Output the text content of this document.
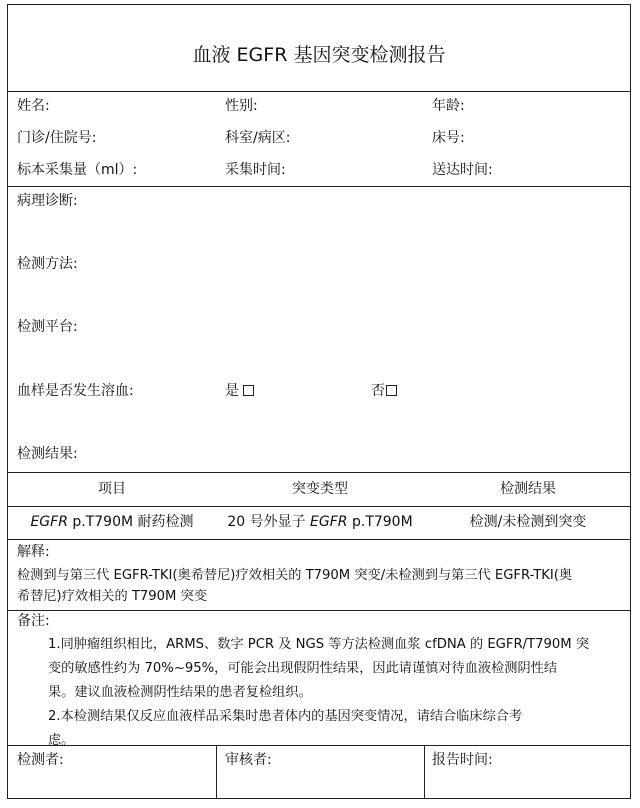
血液 EGFR 基因突变检测报告
姓名:	性别:	年龄:
门诊/住院号:	科室/病区:	床号:
标本采集量（ml）:	采集时间:	送达时间:
病理诊断:
检测方法:
检测平台:
血样是否发生溶血:	是	否
检测结果:
项目	突变类型	检测结果
EGFR p.T790M 耐药检测	20 号外显子 EGFR p.T790M	检测/未检测到突变
解释:
检测到与第三代 EGFR-TKI(奥希替尼)疗效相关的 T790M 突变/未检测到与第三代 EGFR-TKI(奥
希替尼)疗效相关的 T790M 突变
备注:
1.同肿瘤组织相比，ARMS、数字 PCR 及 NGS 等方法检测血浆 cfDNA 的 EGFR/T790M 突
变的敏感性约为 70%~95%，可能会出现假阴性结果，因此请谨慎对待血液检测阴性结
果。建议血液检测阴性结果的患者复检组织。
2.本检测结果仅反应血液样品采集时患者体内的基因突变情况，请结合临床综合考
虑。
检测者:	审核者:	报告时间:
